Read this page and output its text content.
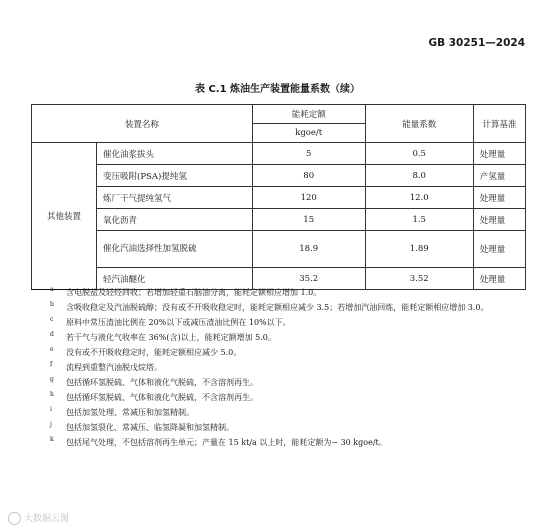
GB 30251—2024
表 C.1 炼油生产装置能量系数（续）
装置名称		能耗定额	能量系数	计算基准
		kgoe/t		
其他装置	催化油浆拔头	5	0.5	处理量
	变压吸附(PSA)提纯氢	80	8.0	产氢量
	炼厂干气提纯氢气	120	12.0	处理量
	氧化沥青	15	1.5	处理量
	催化汽油选择性加氢脱硫	18.9	1.89	处理量
	轻汽油醚化	35.2	3.52	处理量
a 含电脱盐及轻烃回收；若增加轻重石脑油分离，能耗定额相应增加 1.0。
b 含吸收稳定及汽油脱硫醇；没有或不开吸收稳定时，能耗定额相应减少 3.5；若增加汽油回炼，能耗定额相应增加 3.0。
c 原料中常压渣油比例在 20%以下或减压渣油比例在 10%以下。
d 若干气与液化气收率在 36%(含)以上，能耗定额增加 5.0。
e 没有或不开吸收稳定时，能耗定额相应减少 5.0。
f 流程到重整汽油脱戊烷塔。
g 包括循环氢脱硫、气体和液化气脱硫，不含溶剂再生。
h 包括循环氢脱硫、气体和液化气脱硫，不含溶剂再生。
i 包括加氢处理、常减压和加氢精制。
j 包括加氢裂化、常减压、临氢降凝和加氢精制。
k 包括尾气处理，不包括溶剂再生单元；产量在 15 kt/a 以上时，能耗定额为− 30 kgoe/t。
大数据云图
